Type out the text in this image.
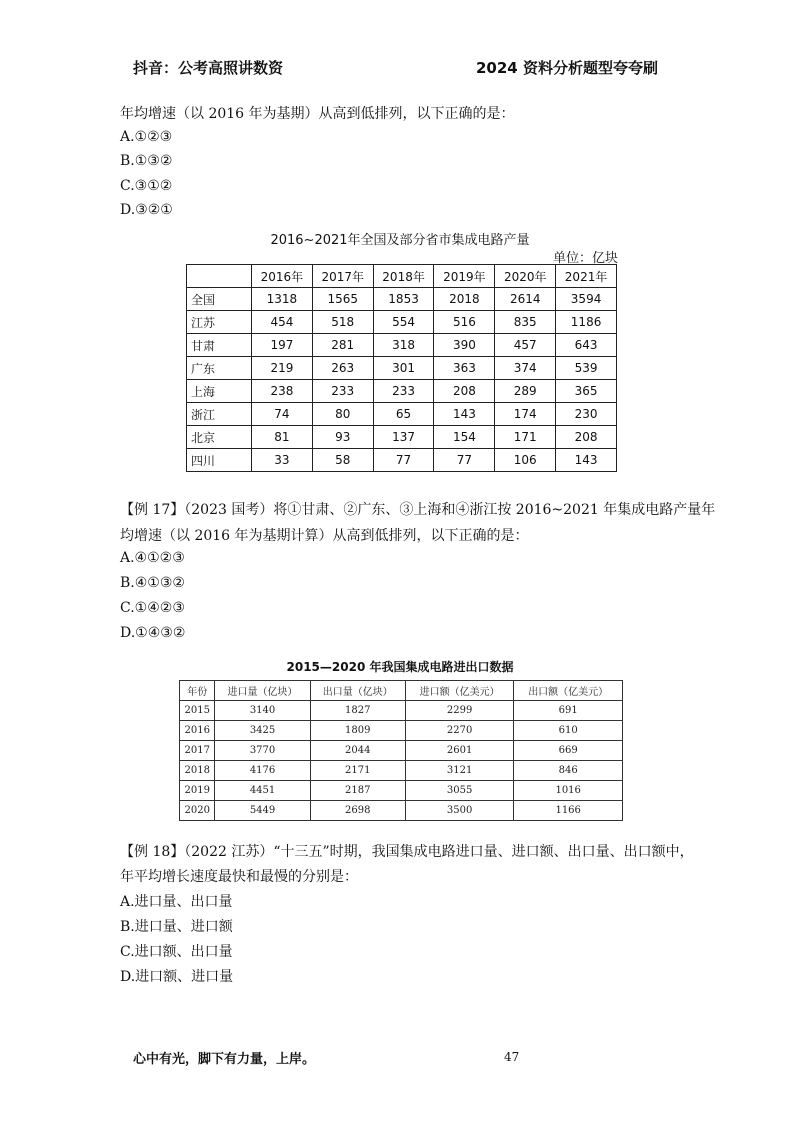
抖音：公考高照讲数资	2024 资料分析题型夸夸刷
年均增速（以 2016 年为基期）从高到低排列，以下正确的是：
A.①②③
B.①③②
C.③①②
D.③②①
2016~2021年全国及部分省市集成电路产量
单位：亿块
	2016年	2017年	2018年	2019年	2020年	2021年
全国	1318	1565	1853	2018	2614	3594
江苏	454	518	554	516	835	1186
甘肃	197	281	318	390	457	643
广东	219	263	301	363	374	539
上海	238	233	233	208	289	365
浙江	74	80	65	143	174	230
北京	81	93	137	154	171	208
四川	33	58	77	77	106	143
【例 17】（2023 国考）将①甘肃、②广东、③上海和④浙江按 2016~2021 年集成电路产量年
均增速（以 2016 年为基期计算）从高到低排列，以下正确的是：
A.④①②③
B.④①③②
C.①④②③
D.①④③②
2015—2020 年我国集成电路进出口数据
年份	进口量（亿块）	出口量（亿块）	进口额（亿美元）	出口额（亿美元）
2015	3140	1827	2299	691
2016	3425	1809	2270	610
2017	3770	2044	2601	669
2018	4176	2171	3121	846
2019	4451	2187	3055	1016
2020	5449	2698	3500	1166
【例 18】（2022 江苏）“十三五”时期，我国集成电路进口量、进口额、出口量、出口额中，
年平均增长速度最快和最慢的分别是：
A.进口量、出口量
B.进口量、进口额
C.进口额、出口量
D.进口额、进口量
心中有光，脚下有力量，上岸。	47
